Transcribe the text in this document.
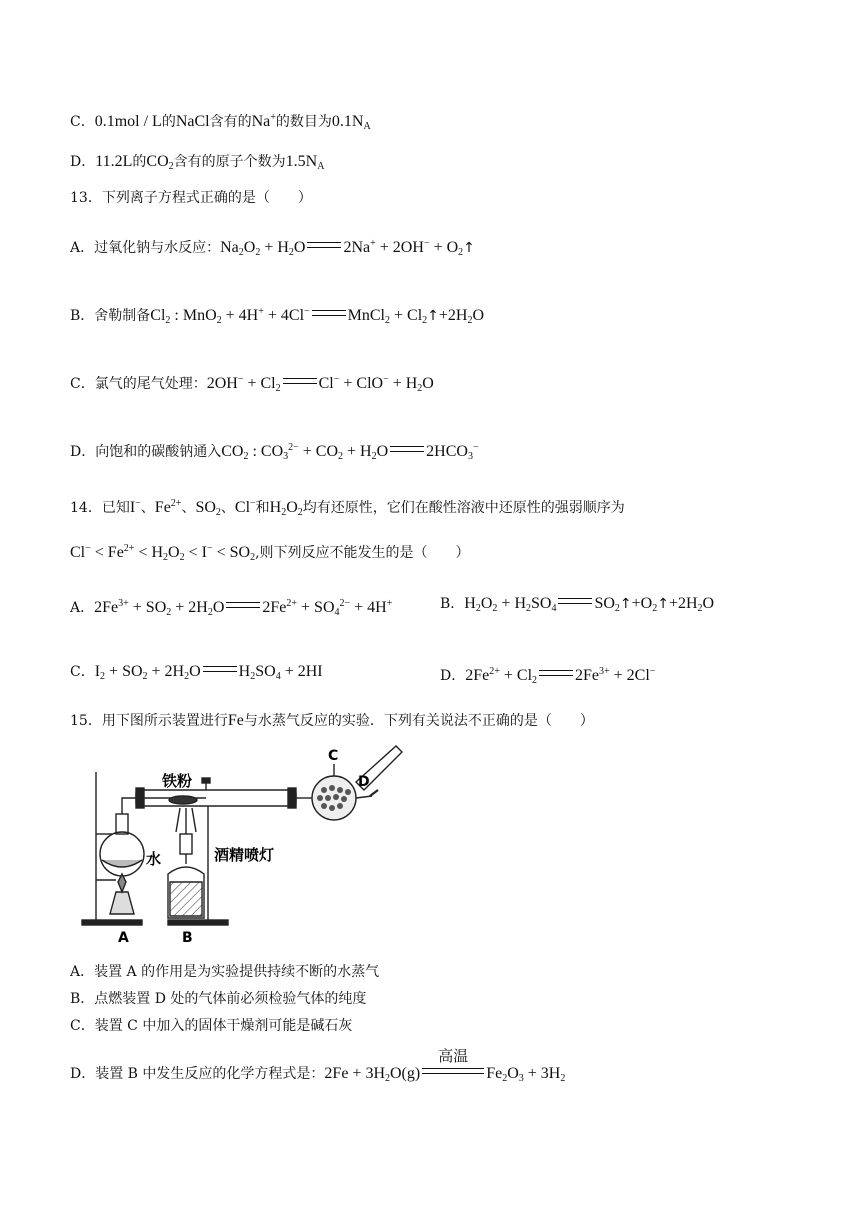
C．0.1mol / L的NaCl含有的Na+的数目为$0.1N_A$
D．11.2L的$CO_2$含有的原子个数为$1.5N_A$
13．下列离子方程式正确的是（　　）
A．过氧化钠与水反应：$Na_2O_2 + H_2O$ $2Na^+ + 2OH^- + O_2↑$
B．舍勒制备$Cl_2$ : MnO$_2$ + 4H+ + 4Cl− MnCl$_2$ + $Cl_2↑+2H_2O$
C．氯气的尾气处理：$2OH^- + Cl_2$ $Cl^- + ClO^- + H_2O$
D．向饱和的碳酸钠通入$CO_2$ : $CO_3^{2-} + CO_2 + H_2O$ $2HCO_3^-$
14．已知I−、$Fe^{2+}$、$SO_2$、Cl−和$H_2O_2$均有还原性，它们在酸性溶液中还原性的强弱顺序为
$Cl^- < Fe^{2+} < H_2O_2 < I^- < SO_2$,则下列反应不能发生的是（　　）
A．$2Fe^{3+} + SO_2 + 2H_2O$ $2Fe^{2+} + SO_4^{2-} + 4H^+$	B．$H_2O_2 + H_2SO_4$ $SO_2↑+O_2↑+2H_2O$
C．$I_2 + SO_2 + 2H_2O$ $H_2SO_4 + 2HI$	D．$2Fe^{2+} + Cl_2$ $2Fe^{3+} + 2Cl^-$
15．用下图所示装置进行Fe与水蒸气反应的实验．下列有关说法不正确的是（　　）
铁粉
水	酒精喷灯
A	B
C
D
A．装置 A 的作用是为实验提供持续不断的水蒸气
B．点燃装置 D 处的气体前必须检验气体的纯度
C．装置 C 中加入的固体干燥剂可能是碱石灰
D．装置 B 中发生反应的化学方程式是：$2Fe + 3H_2O(g)$
高温
$Fe_2O_3 + 3H_2$
